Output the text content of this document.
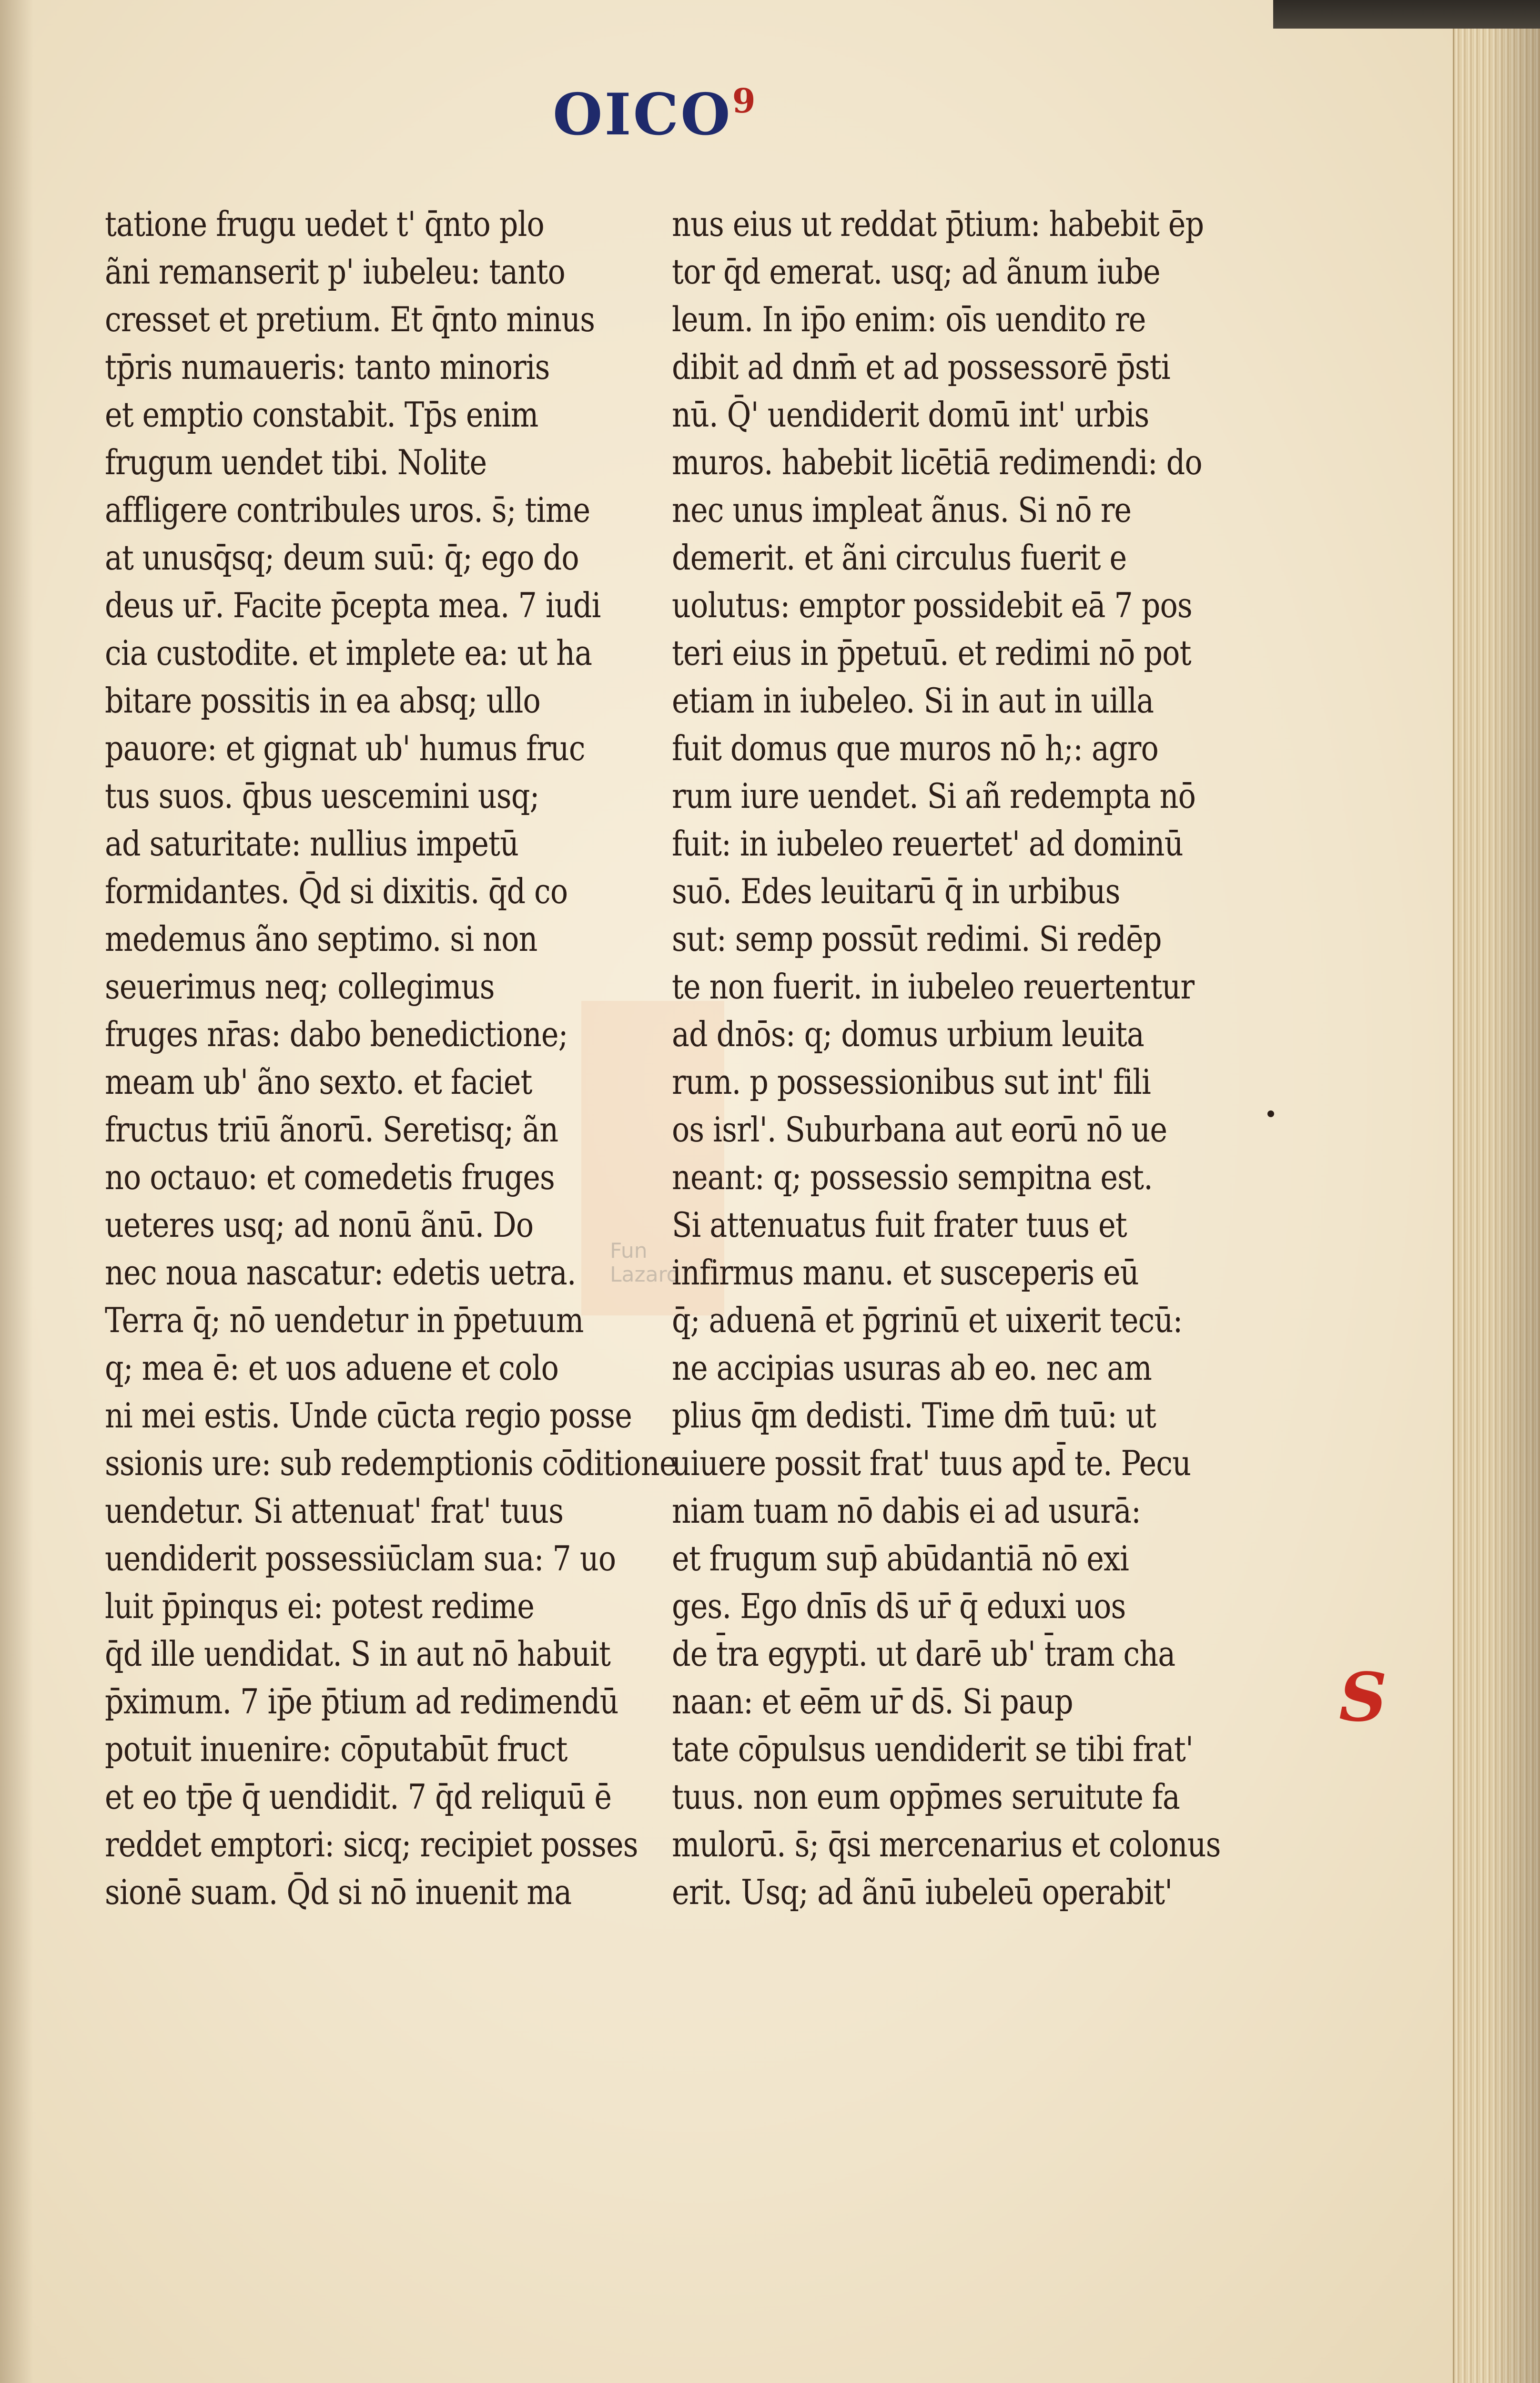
Fun
Lazaro
OICO$^9$
tatione frugu uedet t' q̄nto plo
ãni remanserit p' iubeleu: tanto
cresset et pretium. Et q̄nto minus
tp̄ris numaueris: tanto minoris
et emptio constabit. Tp̄s enim
frugum uendet tibi. Nolite
affligere contribules uros. s̄; time
at unusq̄sq; deum suū: q̄; ego do
deus ur̄. Facite p̄cepta mea. 7 iudi
cia custodite. et implete ea: ut ha
bitare possitis in ea absq; ullo
pauore: et gignat ub' humus fruc
tus suos. q̄bus uescemini usq;
ad saturitate: nullius impetū
formidantes. Q̄d si dixitis. q̄d co
medemus ãno septimo. si non
seuerimus neq; collegimus
fruges nr̄as: dabo benedictione;
meam ub' ãno sexto. et faciet
fructus triū ãnorū. Seretisq; ãn
no octauo: et comedetis fruges
ueteres usq; ad nonū ãnū. Do
nec noua nascatur: edetis uetra.
Terra q̄; nō uendetur in p̄petuum
q; mea ē: et uos aduene et colo
ni mei estis. Unde cūcta regio posse
ssionis ure: sub redemptionis cōditione
uendetur. Si attenuat' frat' tuus
uendiderit possessiūclam sua: 7 uo
luit p̄pinqus ei: potest redime
q̄d ille uendidat. S in aut nō habuit
p̄ximum. 7 ip̄e p̄tium ad redimendū
potuit inuenire: cōputabūt fruct
et eo tp̄e q̄ uendidit. 7 q̄d reliquū ē
reddet emptori: sicq; recipiet posses
sionē suam. Q̄d si nō inuenit ma
nus eius ut reddat p̄tium: habebit ēp
tor q̄d emerat. usq; ad ãnum iube
leum. In ip̄o enim: oīs uendito re
dibit ad dnm̄ et ad possessorē p̄sti
nū. Q̄' uendiderit domū int' urbis
muros. habebit licētiā redimendi: do
nec unus impleat ãnus. Si nō re
demerit. et ãni circulus fuerit e
uolutus: emptor possidebit eā 7 pos
teri eius in p̄petuū. et redimi nō pot
etiam in iubeleo. Si in aut in uilla
fuit domus que muros nō h;: agro
rum iure uendet. Si añ redempta nō
fuit: in iubeleo reuertet' ad dominū
suō. Edes leuitarū q̄ in urbibus
sut: semp possūt redimi. Si redēp
te non fuerit. in iubeleo reuertentur
ad dnōs: q; domus urbium leuita
rum. p possessionibus sut int' fili
os isrl'. Suburbana aut eorū nō ue
neant: q; possessio sempitna est.
Si attenuatus fuit frater tuus et
infirmus manu. et susceperis eū
q̄; aduenā et p̄grinū et uixerit tecū:
ne accipias usuras ab eo. nec am
plius q̄m dedisti. Time dm̄ tuū: ut
uiuere possit frat' tuus apd̄ te. Pecu
niam tuam nō dabis ei ad usurā:
et frugum sup̄ abūdantiā nō exi
ges. Ego dnī̄s ds̄ ur̄ q̄ eduxi uos
de t̄ra egypti. ut darē ub' t̄ram cha
naan: et eēm ur̄ ds̄. Si paup
tate cōpulsus uendiderit se tibi frat'
tuus. non eum opp̄mes seruitute fa
mulorū. s̄; q̄si mercenarius et colonus
erit. Usq; ad ãnū iubeleū operabit'
S
